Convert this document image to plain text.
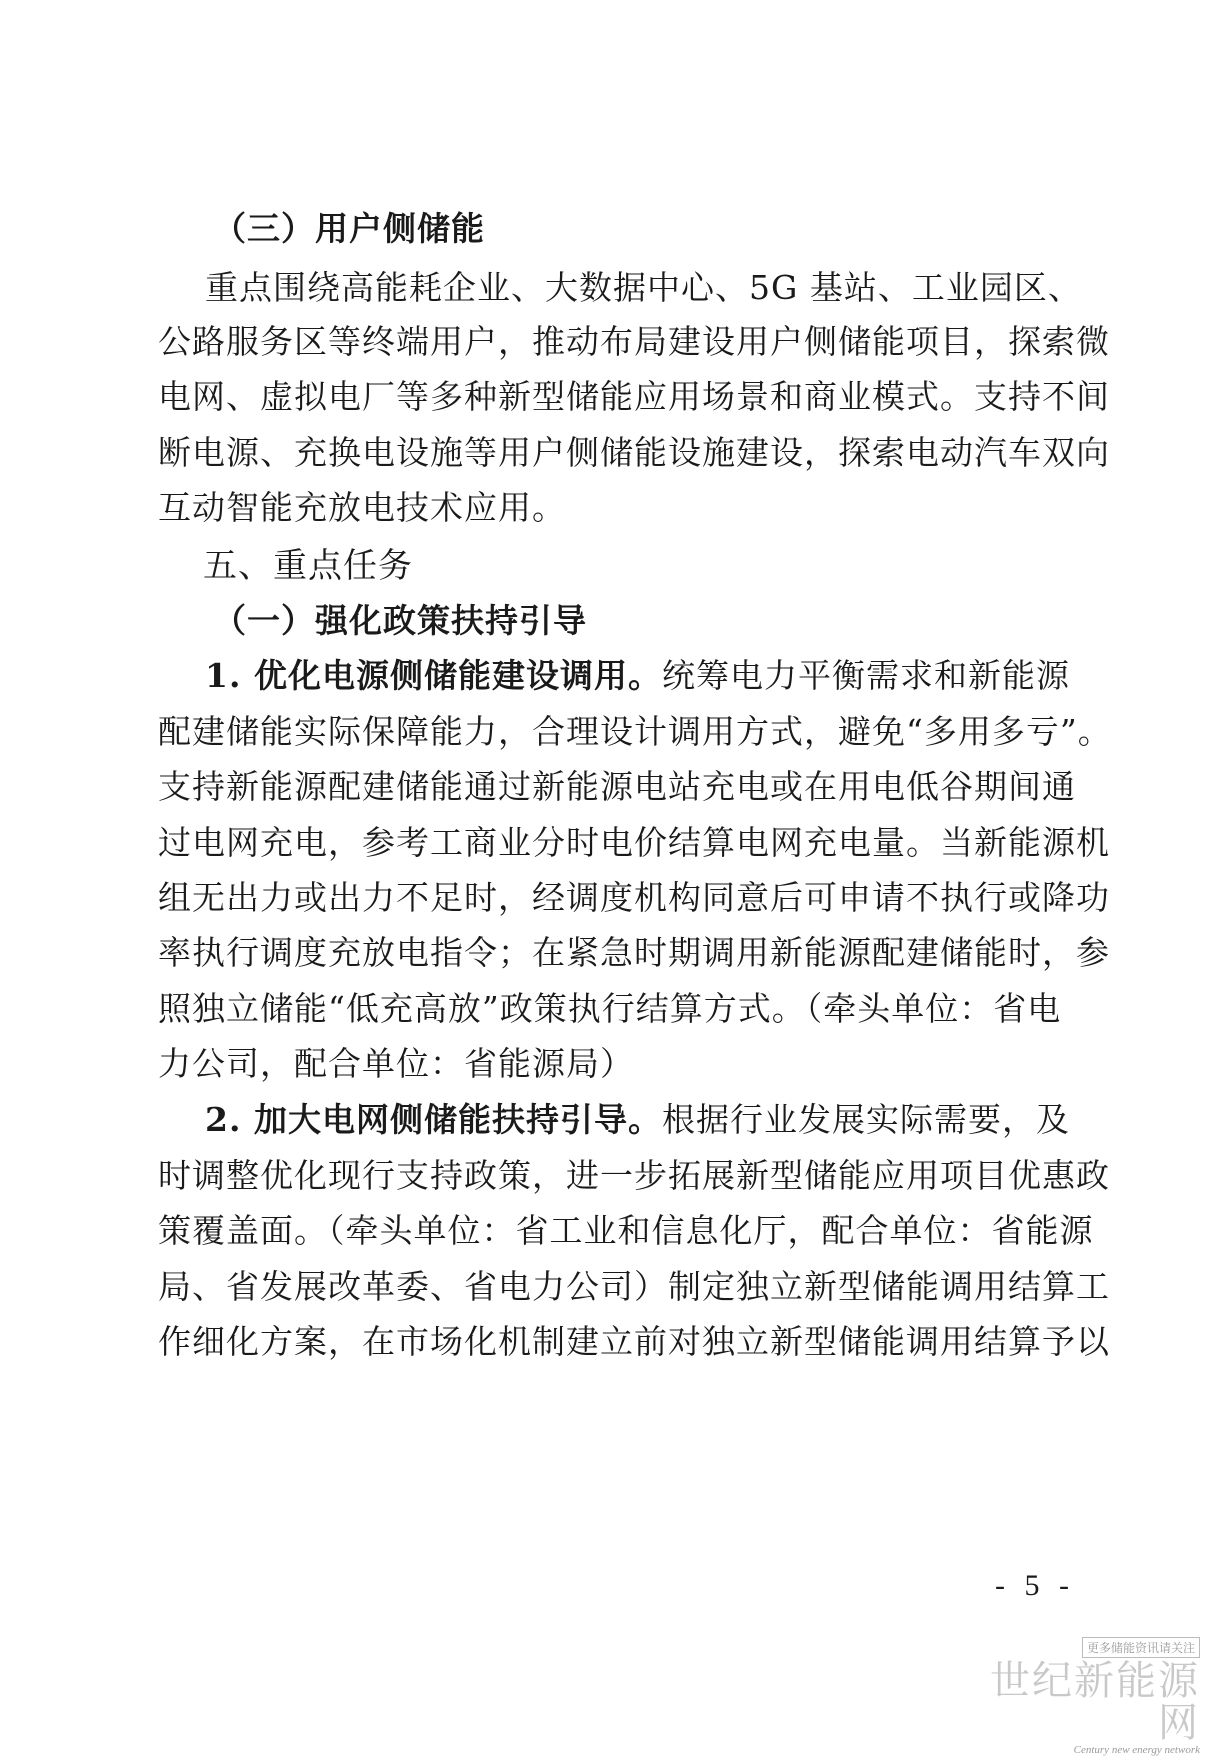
（三）用户侧储能
重点围绕高能耗企业、大数据中心、5G 基站、工业园区、
公路服务区等终端用户，推动布局建设用户侧储能项目，探索微
电网、虚拟电厂等多种新型储能应用场景和商业模式。支持不间
断电源、充换电设施等用户侧储能设施建设，探索电动汽车双向
互动智能充放电技术应用。
五、重点任务
（一）强化政策扶持引导
1. 优化电源侧储能建设调用。统筹电力平衡需求和新能源
配建储能实际保障能力，合理设计调用方式，避免“多用多亏”。
支持新能源配建储能通过新能源电站充电或在用电低谷期间通
过电网充电，参考工商业分时电价结算电网充电量。当新能源机
组无出力或出力不足时，经调度机构同意后可申请不执行或降功
率执行调度充放电指令；在紧急时期调用新能源配建储能时，参
照独立储能“低充高放”政策执行结算方式。（牵头单位：省电
力公司，配合单位：省能源局）
2. 加大电网侧储能扶持引导。根据行业发展实际需要，及
时调整优化现行支持政策，进一步拓展新型储能应用项目优惠政
策覆盖面。（牵头单位：省工业和信息化厅，配合单位：省能源
局、省发展改革委、省电力公司）制定独立新型储能调用结算工
作细化方案，在市场化机制建立前对独立新型储能调用结算予以
- 5 -
更多储能资讯请关注
世纪新能源网
Century new energy network
